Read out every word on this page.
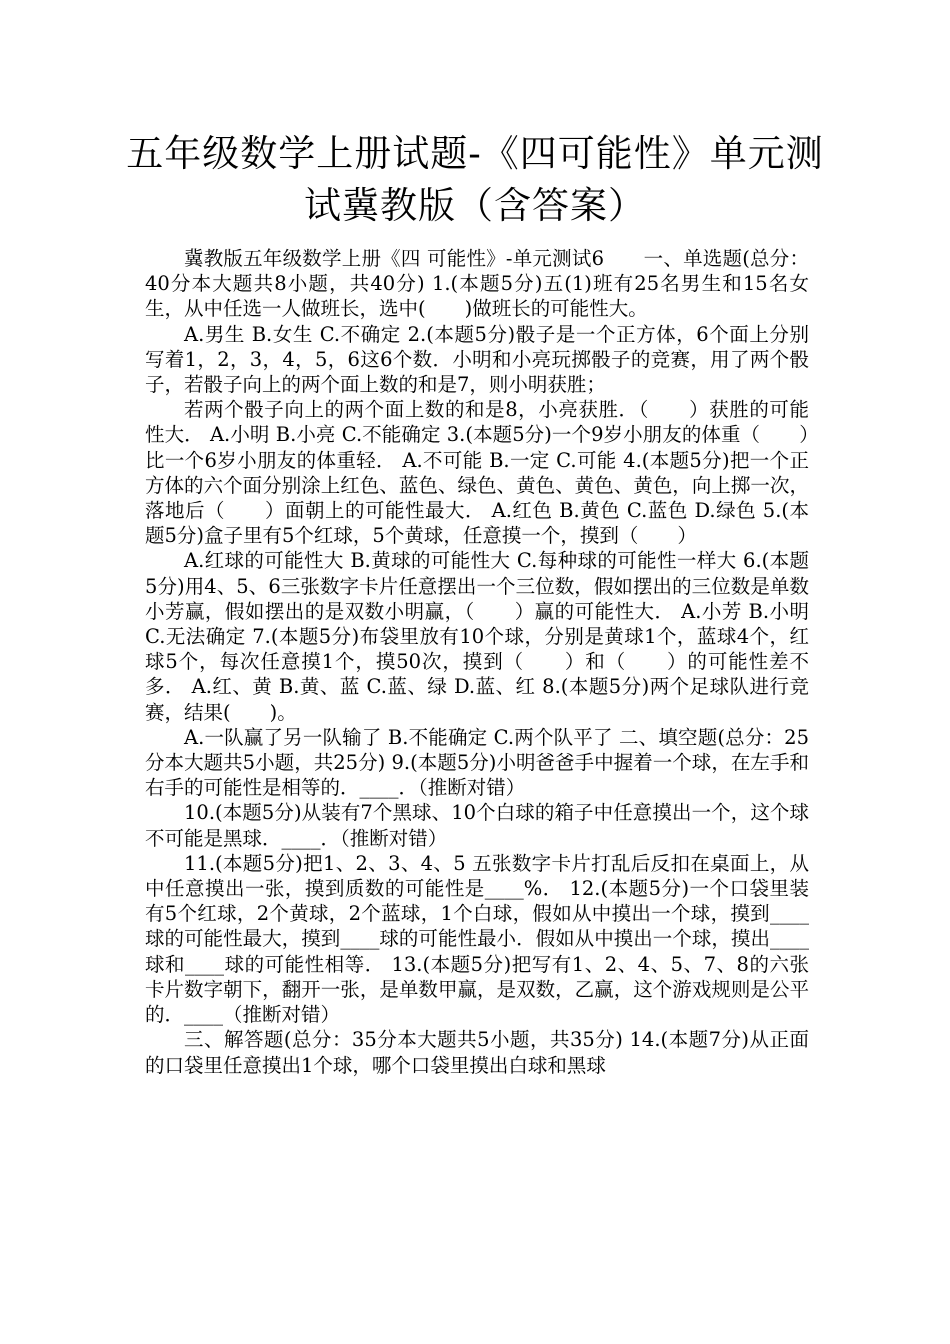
五年级数学上册试题-《四可能性》单元测
试冀教版（含答案）

冀教版五年级数学上册《四 可能性》-单元测试6　　一、单选题(总分：40分本大题共8小题，共40分) 1.(本题5分)五(1)班有25名男生和15名女生，从中任选一人做班长，选中(　　)做班长的可能性大。

A.男生 B.女生 C.不确定 2.(本题5分)骰子是一个正方体，6个面上分别写着1，2，3，4，5，6这6个数．小明和小亮玩掷骰子的竞赛，用了两个骰子，若骰子向上的两个面上数的和是7，则小明获胜；

若两个骰子向上的两个面上数的和是8，小亮获胜．（　　）获胜的可能性大． A.小明 B.小亮 C.不能确定 3.(本题5分)一个9岁小朋友的体重（　　）比一个6岁小朋友的体重轻． A.不可能 B.一定 C.可能 4.(本题5分)把一个正方体的六个面分别涂上红色、蓝色、绿色、黄色、黄色、黄色，向上掷一次，落地后（　　）面朝上的可能性最大． A.红色 B.黄色 C.蓝色 D.绿色 5.(本题5分)盒子里有5个红球，5个黄球，任意摸一个，摸到（　　）

A.红球的可能性大 B.黄球的可能性大 C.每种球的可能性一样大 6.(本题5分)用4、5、6三张数字卡片任意摆出一个三位数，假如摆出的三位数是单数小芳赢，假如摆出的是双数小明赢，（　　）赢的可能性大． A.小芳 B.小明 C.无法确定 7.(本题5分)布袋里放有10个球，分别是黄球1个，蓝球4个，红球5个，每次任意摸1个，摸50次，摸到（　　）和（　　）的可能性差不多． A.红、黄 B.黄、蓝 C.蓝、绿 D.蓝、红 8.(本题5分)两个足球队进行竞赛，结果(　　)。

A.一队赢了另一队输了 B.不能确定 C.两个队平了 二、填空题(总分：25分本大题共5小题，共25分) 9.(本题5分)小明爸爸手中握着一个球，在左手和右手的可能性是相等的．____．（推断对错）

10.(本题5分)从装有7个黑球、10个白球的箱子中任意摸出一个，这个球不可能是黑球．____．（推断对错）

11.(本题5分)把1、2、3、4、5 五张数字卡片打乱后反扣在桌面上，从中任意摸出一张，摸到质数的可能性是____%． 12.(本题5分)一个口袋里装有5个红球，2个黄球，2个蓝球，1个白球，假如从中摸出一个球，摸到____球的可能性最大，摸到____球的可能性最小．假如从中摸出一个球，摸出____球和____球的可能性相等． 13.(本题5分)把写有1、2、4、5、7、8的六张卡片数字朝下，翻开一张，是单数甲赢，是双数，乙赢，这个游戏规则是公平的．____（推断对错）

三、解答题(总分：35分本大题共5小题，共35分) 14.(本题7分)从正面的口袋里任意摸出1个球，哪个口袋里摸出白球和黑球
